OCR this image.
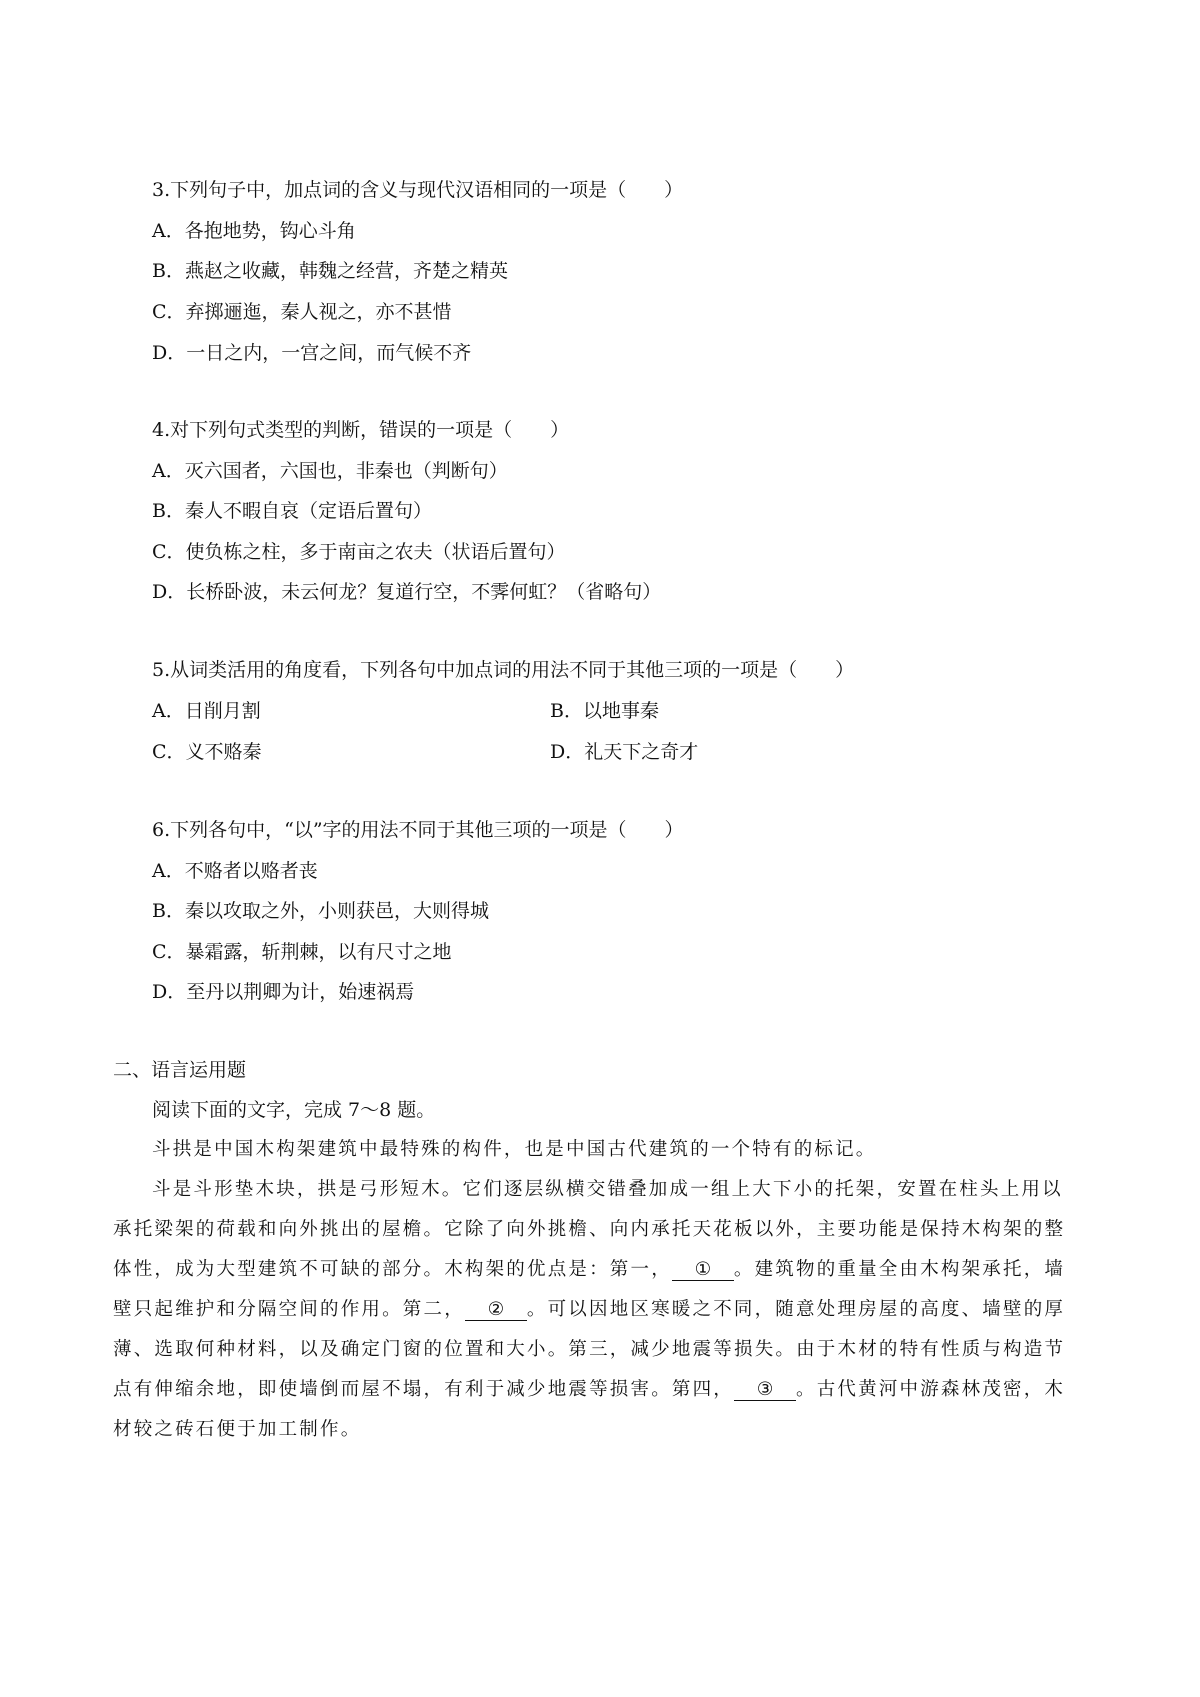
3.下列句子中，加点词的含义与现代汉语相同的一项是（　　）
A．各抱地势，钩心斗角
B．燕赵之收藏，韩魏之经营，齐楚之精英
C．弃掷逦迤，秦人视之，亦不甚惜
D．一日之内，一宫之间，而气候不齐
4.对下列句式类型的判断，错误的一项是（　　）
A．灭六国者，六国也，非秦也（判断句）
B．秦人不暇自哀（定语后置句）
C．使负栋之柱，多于南亩之农夫（状语后置句）
D．长桥卧波，未云何龙？复道行空，不霁何虹？（省略句）
5.从词类活用的角度看，下列各句中加点词的用法不同于其他三项的一项是（　　）
A．日削月割	B．以地事秦
C．义不赂秦	D．礼天下之奇才
6.下列各句中，“以”字的用法不同于其他三项的一项是（　　）
A．不赂者以赂者丧
B．秦以攻取之外，小则获邑，大则得城
C．暴霜露，斩荆棘，以有尺寸之地
D．至丹以荆卿为计，始速祸焉
二、语言运用题
阅读下面的文字，完成 7～8 题。
斗拱是中国木构架建筑中最特殊的构件，也是中国古代建筑的一个特有的标记。
斗是斗形垫木块，拱是弓形短木。它们逐层纵横交错叠加成一组上大下小的托架，安置在柱头上用以
承托梁架的荷载和向外挑出的屋檐。它除了向外挑檐、向内承托天花板以外，主要功能是保持木构架的整
体性，成为大型建筑不可缺的部分。木构架的优点是：第一， ① 。建筑物的重量全由木构架承托，墙
壁只起维护和分隔空间的作用。第二， ② 。可以因地区寒暖之不同，随意处理房屋的高度、墙壁的厚
薄、选取何种材料，以及确定门窗的位置和大小。第三，减少地震等损失。由于木材的特有性质与构造节
点有伸缩余地，即使墙倒而屋不塌，有利于减少地震等损害。第四， ③ 。古代黄河中游森林茂密，木
材较之砖石便于加工制作。
